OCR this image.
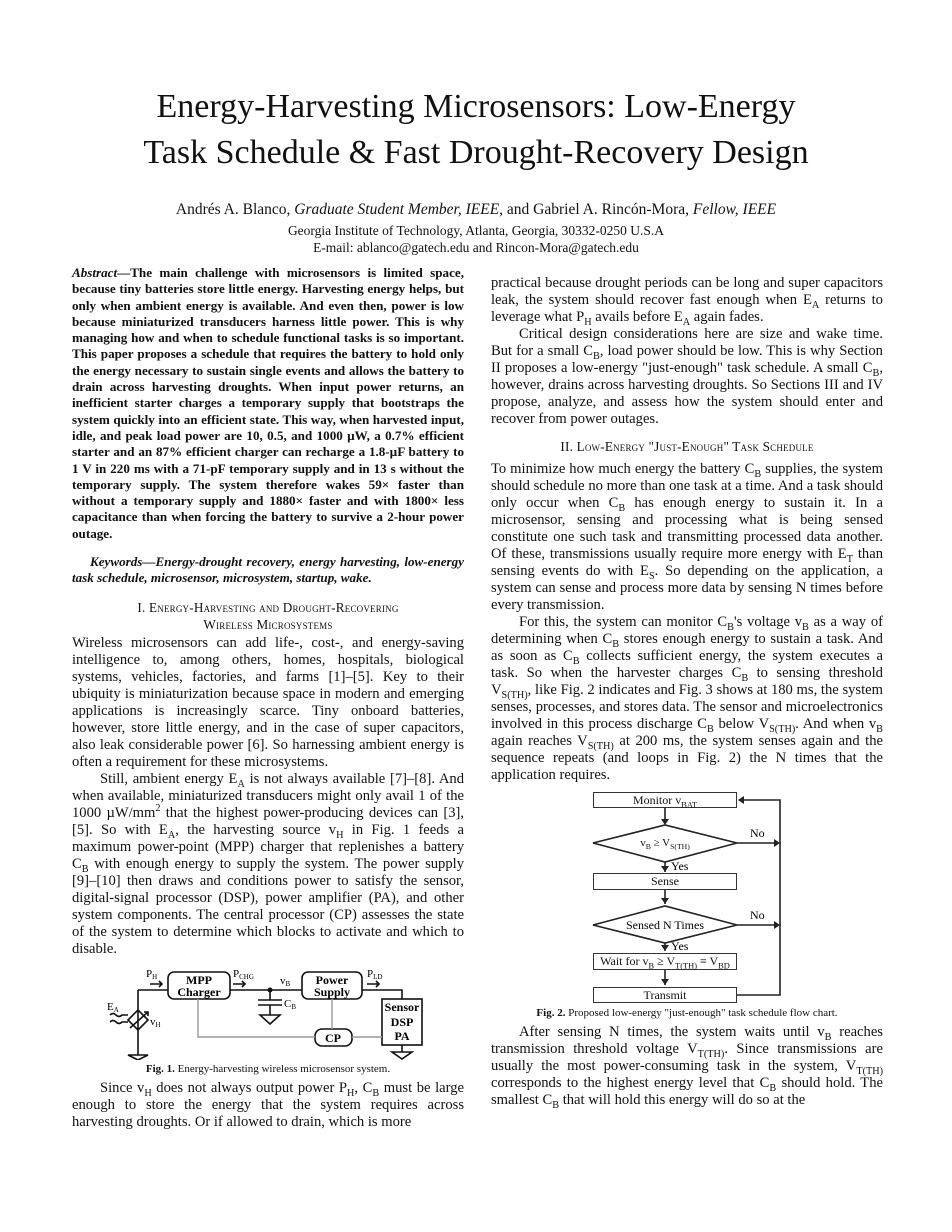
Energy-Harvesting Microsensors: Low-Energy
Task Schedule & Fast Drought-Recovery Design
Andrés A. Blanco, Graduate Student Member, IEEE, and Gabriel A. Rincón-Mora, Fellow, IEEE
Georgia Institute of Technology, Atlanta, Georgia, 30332-0250 U.S.A
E-mail: ablanco@gatech.edu and Rincon-Mora@gatech.edu
Abstract—The main challenge with microsensors is limited space, because tiny batteries store little energy. Harvesting energy helps, but only when ambient energy is available. And even then, power is low because miniaturized transducers harness little power. This is why managing how and when to schedule functional tasks is so important. This paper proposes a schedule that requires the battery to hold only the energy necessary to sustain single events and allows the battery to drain across harvesting droughts. When input power returns, an inefficient starter charges a temporary supply that bootstraps the system quickly into an efficient state. This way, when harvested input, idle, and peak load power are 10, 0.5, and 1000 µW, a 0.7% efficient starter and an 87% efficient charger can recharge a 1.8-µF battery to 1 V in 220 ms with a 71-pF temporary supply and in 13 s without the temporary supply. The system therefore wakes 59× faster than without a temporary supply and 1880× faster and with 1800× less capacitance than when forcing the battery to survive a 2-hour power outage.
Keywords—Energy-drought recovery, energy harvesting, low-energy task schedule, microsensor, microsystem, startup, wake.
I. Energy-Harvesting and Drought-Recovering Wireless Microsystems

Wireless microsensors can add life-, cost-, and energy-saving intelligence to, among others, homes, hospitals, biological systems, vehicles, factories, and farms [1]–[5]. Key to their ubiquity is miniaturization because space in modern and emerging applications is increasingly scarce. Tiny onboard batteries, however, store little energy, and in the case of super capacitors, also leak considerable power [6]. So harnessing ambient energy is often a requirement for these microsystems.

Still, ambient energy $E_A$ is not always available [7]–[8]. And when available, miniaturized transducers might only avail 1 of the 1000 $\mu W/mm^2$ that the highest power-producing devices can [3], [5]. So with $E_A$, the harvesting source $v_H$ in Fig. 1 feeds a maximum power-point (MPP) charger that replenishes a battery $C_B$ with enough energy to supply the system. The power supply [9]–[10] then draws and conditions power to satisfy the sensor, digital-signal processor (DSP), power amplifier (PA), and other system components. The central processor (CP) assesses the state of the system to determine which blocks to activate and which to disable.

MPP
Charger
Power
Supply
Sensor
DSP
PA
CP
PH	PCHG vB
PLD
EA
vH
CB
Fig. 1. Energy-harvesting wireless microsensor system.

Since $v_H$ does not always output power $P_H$, $C_B$ must be large enough to store the energy that the system requires across harvesting droughts. Or if allowed to drain, which is more

practical because drought periods can be long and super capacitors leak, the system should recover fast enough when $E_A$ returns to leverage what $P_H$ avails before $E_A$ again fades.

Critical design considerations here are size and wake time. But for a small $C_B$, load power should be low. This is why Section II proposes a low-energy "just-enough" task schedule. A small $C_B$, however, drains across harvesting droughts. So Sections III and IV propose, analyze, and assess how the system should enter and recover from power outages.

II. Low-Energy "Just-Enough" Task Schedule

To minimize how much energy the battery $C_B$ supplies, the system should schedule no more than one task at a time. And a task should only occur when $C_B$ has enough energy to sustain it. In a microsensor, sensing and processing what is being sensed constitute one such task and transmitting processed data another. Of these, transmissions usually require more energy with $E_T$ than sensing events do with $E_S$. So depending on the application, a system can sense and process more data by sensing N times before every transmission.

For this, the system can monitor $C_B's$ voltage $v_B$ as a way of determining when $C_B$ stores enough energy to sustain a task. And as soon as $C_B$ collects sufficient energy, the system executes a task. So when the harvester charges $C_B$ to sensing threshold $V_{S(TH)}$, like Fig. 2 indicates and Fig. 3 shows at 180 ms, the system senses, processes, and stores data. The sensor and microelectronics involved in this process discharge $C_B$ below $V_{S(TH)}$. And when $v_B$ again reaches $V_{S(TH)}$ at 200 ms, the system senses again and the sequence repeats (and loops in Fig. 2) the N times that the application requires.

Yes
Yes
No
No
Sensed N Times
Monitor $v_{BAT}$
$v_B \ge V_{S(TH)}$
Sense
Wait for $v_B \ge V_{T(TH)} \equiv V_{BD}$
Transmit
Fig. 2. Proposed low-energy "just-enough" task schedule flow chart.

After sensing N times, the system waits until $v_B$ reaches transmission threshold voltage $V_{T(TH)}$. Since transmissions are usually the most power-consuming task in the system, $V_{T(TH)}$ corresponds to the highest energy level that $C_B$ should hold. The smallest $C_B$ that will hold this energy will do so at the
